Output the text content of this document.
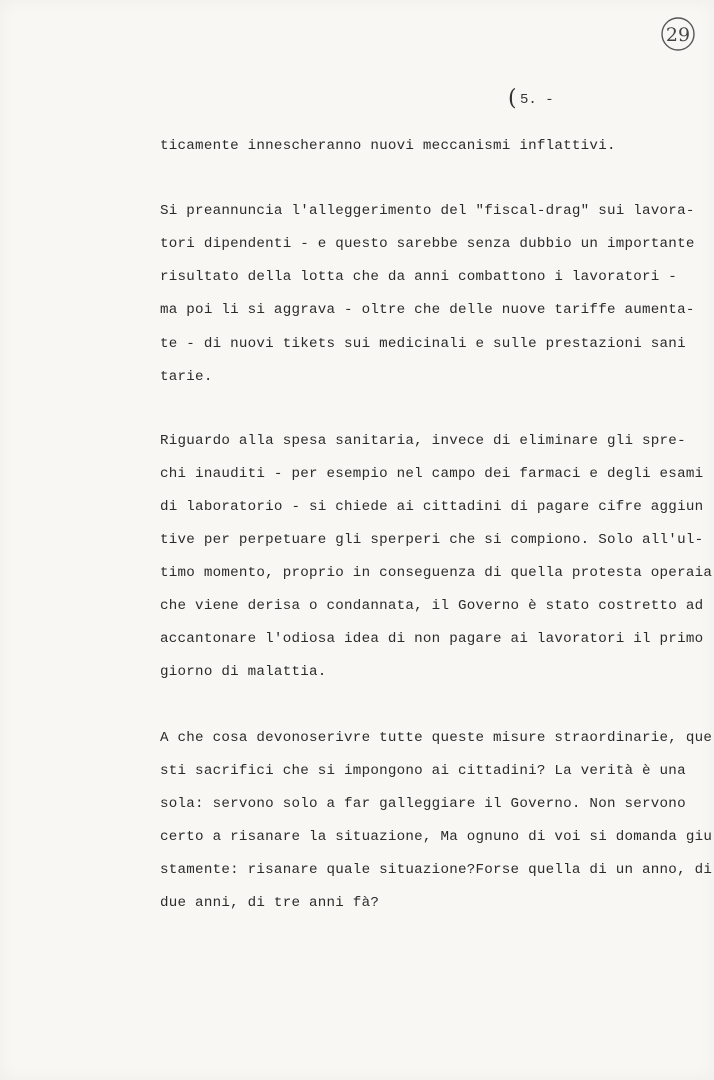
29
( 5. -
ticamente innescheranno nuovi meccanismi inflattivi.
Si preannuncia l'alleggerimento del "fiscal-drag" sui lavora-
tori dipendenti - e questo sarebbe senza dubbio un importante
risultato della lotta che da anni combattono i lavoratori -
ma poi li si aggrava - oltre che delle nuove tariffe aumenta-
te - di nuovi tikets sui medicinali e sulle prestazioni sani
tarie.
Riguardo alla spesa sanitaria, invece di eliminare gli spre-
chi inauditi - per esempio nel campo dei farmaci e degli esami
di laboratorio - si chiede ai cittadini di pagare cifre aggiun
tive per perpetuare gli sperperi che si compiono. Solo all'ul-
timo momento, proprio in conseguenza di quella protesta operaia
che viene derisa o condannata, il Governo è stato costretto ad
accantonare l'odiosa idea di non pagare ai lavoratori il primo
giorno di malattia.
A che cosa devonoserivre tutte queste misure straordinarie, que
sti sacrifici che si impongono ai cittadini? La verità è una
sola: servono solo a far galleggiare il Governo. Non servono
certo a risanare la situazione, Ma ognuno di voi si domanda giu
stamente: risanare quale situazione?Forse quella di un anno, di
due anni, di tre anni fà?
